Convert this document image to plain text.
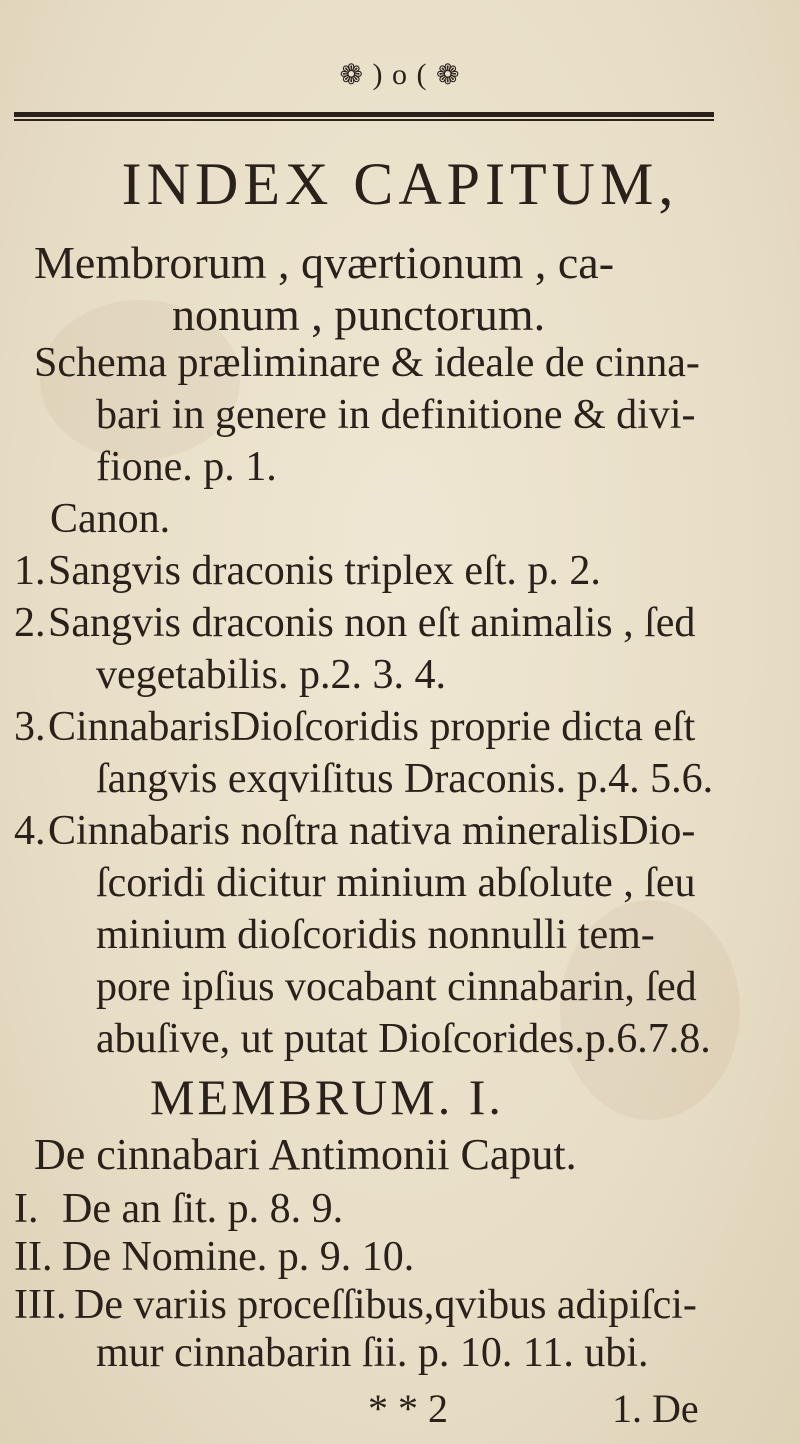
❁ ) o ( ❁
INDEX CAPITUM,
Membrorum , qværtionum , ca-
nonum , punctorum.
Schema præliminare & ideale de cinna-
bari in genere in definitione & divi-
fione. p. 1.
Canon.
1.Sangvis draconis triplex eſt. p. 2.
2.Sangvis draconis non eſt animalis , ſed
vegetabilis. p.2. 3. 4.
3.CinnabarisDioſcoridis proprie dicta eſt
ſangvis exqviſitus Draconis. p.4. 5.6.
4.Cinnabaris noſtra nativa mineralisDio-
ſcoridi dicitur minium abſolute , ſeu
minium dioſcoridis nonnulli tem-
pore ipſius vocabant cinnabarin, ſed
abuſive, ut putat Dioſcorides.p.6.7.8.
MEMBRUM. I.
De cinnabari Antimonii Caput.
I. De an ſit. p. 8. 9.
II. De Nomine. p. 9. 10.
III. De variis proceſſibus,qvibus adipiſci-
mur cinnabarin ſii. p. 10. 11. ubi.
* * 2	1. De
